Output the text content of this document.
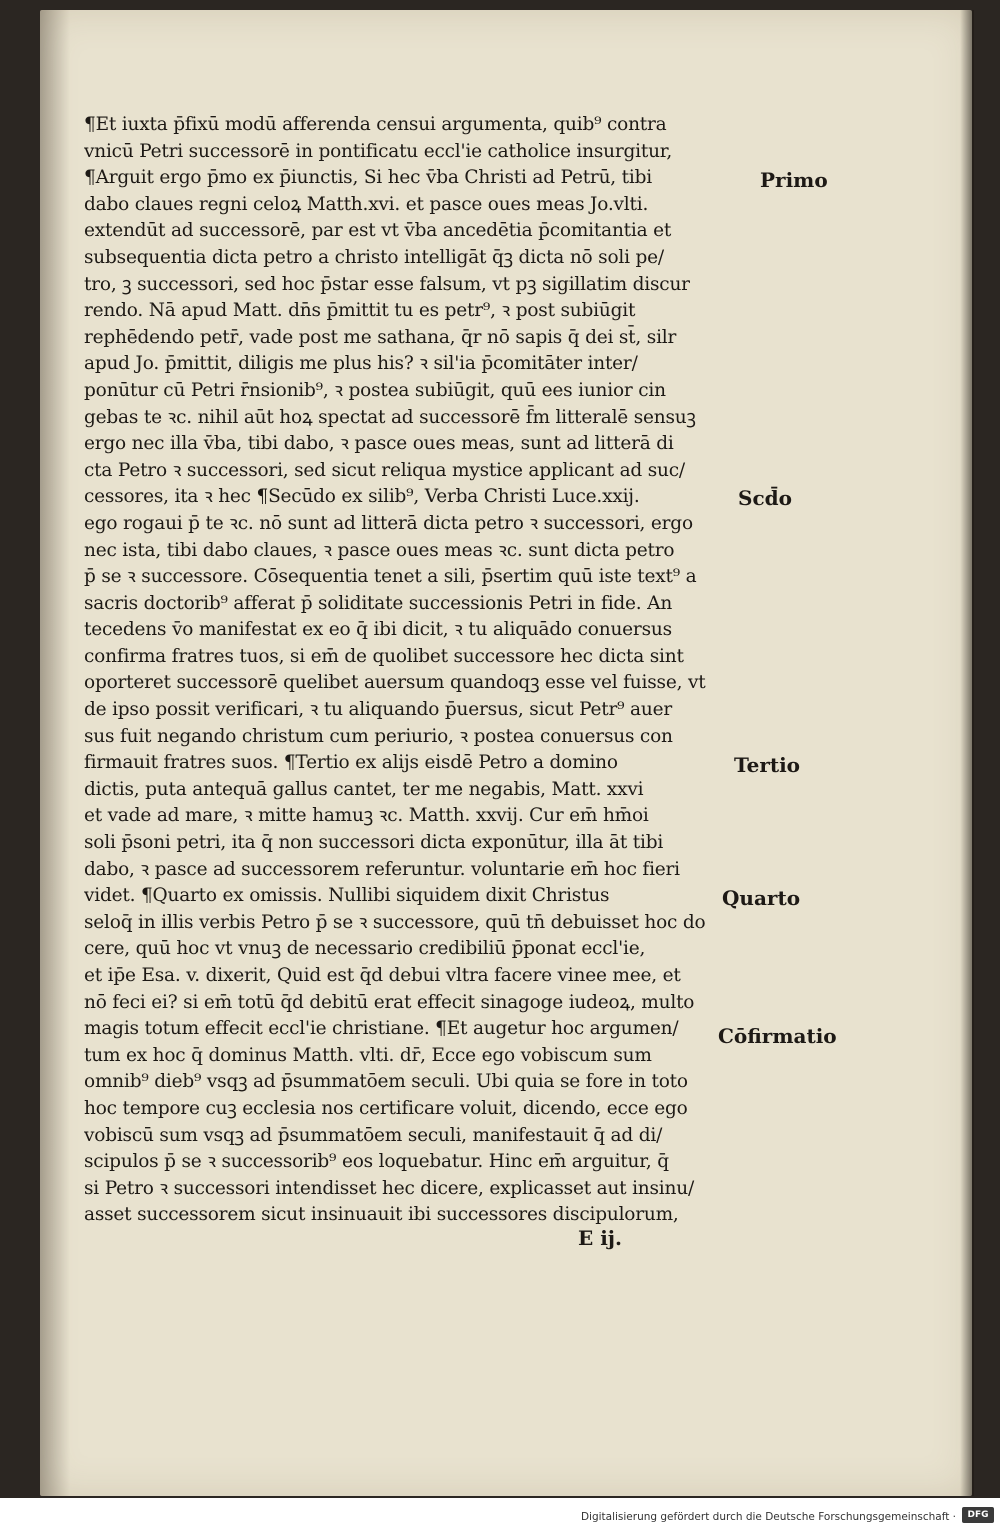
¶Et iuxta p̄fixū modū afferenda censui argumenta, quib⁹ contra
vnicū Petri successorē in pontificatu eccl'ie catholice insurgitur,
¶Arguit ergo p̄mo ex p̄iunctis, Si hec v̄ba Christi ad Petrū, tibi
dabo claues regni celoꝝ Matth.xvi. et pasce oues meas Jo.vlti.
extendūt ad successorē, par est vt v̄ba ancedētia p̄comitantia et
subsequentia dicta petro a christo intelligāt q̄ꝫ dicta nō soli pe/
tro, ꝫ successori, sed hoc p̄star esse falsum, vt pꝫ sigillatim discur
rendo. Nā apud Matt. dn̄s p̄mittit tu es petr⁹, ꝛ post subiūgit
rephēdendo petr̄, vade post me sathana, q̄r nō sapis q̄ dei st̄, silr
apud Jo. p̄mittit, diligis me plus his? ꝛ sil'ia p̄comitāter inter/
ponūtur cū Petri r̄nsionib⁹, ꝛ postea subiūgit, quū ees iunior cin
gebas te ꝛc. nihil aūt hoꝝ spectat ad successorē f̄m litteralē sensuꝫ
ergo nec illa v̄ba, tibi dabo, ꝛ pasce oues meas, sunt ad litterā di
cta Petro ꝛ successori, sed sicut reliqua mystice applicant ad suc/
cessores, ita ꝛ hec ¶Secūdo ex silib⁹, Verba Christi Luce.xxij.
ego rogaui p̄ te ꝛc. nō sunt ad litterā dicta petro ꝛ successori, ergo
nec ista, tibi dabo claues, ꝛ pasce oues meas ꝛc. sunt dicta petro
p̄ se ꝛ successore. Cōsequentia tenet a sili, p̄sertim quū iste text⁹ a
sacris doctorib⁹ afferat p̄ soliditate successionis Petri in fide. An
tecedens v̄o manifestat ex eo q̄ ibi dicit, ꝛ tu aliquādo conuersus
confirma fratres tuos, si em̄ de quolibet successore hec dicta sint
oporteret successorē quelibet auersum quandoqꝫ esse vel fuisse, vt
de ipso possit verificari, ꝛ tu aliquando p̄uersus, sicut Petr⁹ auer
sus fuit negando christum cum periurio, ꝛ postea conuersus con
firmauit fratres suos. ¶Tertio ex alijs eisdē Petro a domino
dictis, puta antequā gallus cantet, ter me negabis, Matt. xxvi
et vade ad mare, ꝛ mitte hamuꝫ ꝛc. Matth. xxvij. Cur em̄ hm̄oi
soli p̄soni petri, ita q̄ non successori dicta exponūtur, illa āt tibi
dabo, ꝛ pasce ad successorem referuntur. voluntarie em̄ hoc fieri
videt. ¶Quarto ex omissis. Nullibi siquidem dixit Christus
seloq̄ in illis verbis Petro p̄ se ꝛ successore, quū tn̄ debuisset hoc do
cere, quū hoc vt vnuꝫ de necessario credibiliū p̄ponat eccl'ie,
et ip̄e Esa. v. dixerit, Quid est q̄d debui vltra facere vinee mee, et
nō feci ei? si em̄ totū q̄d debitū erat effecit sinagoge iudeoꝝ, multo
magis totum effecit eccl'ie christiane. ¶Et augetur hoc argumen/
tum ex hoc q̄ dominus Matth. vlti. dr̄, Ecce ego vobiscum sum
omnib⁹ dieb⁹ vsqꝫ ad p̄summatōem seculi. Ubi quia se fore in toto
hoc tempore cuꝫ ecclesia nos certificare voluit, dicendo, ecce ego
vobiscū sum vsqꝫ ad p̄summatōem seculi, manifestauit q̄ ad di/
scipulos p̄ se ꝛ successorib⁹ eos loquebatur. Hinc em̄ arguitur, q̄
si Petro ꝛ successori intendisset hec dicere, explicasset aut insinu/
asset successorem sicut insinuauit ibi successores discipulorum,
Primo
Scd̄o
Tertio
Quarto
Cōfirmatio
E ij.
Digitalisierung gefördert durch die Deutsche Forschungsgemeinschaft ·	DFG
